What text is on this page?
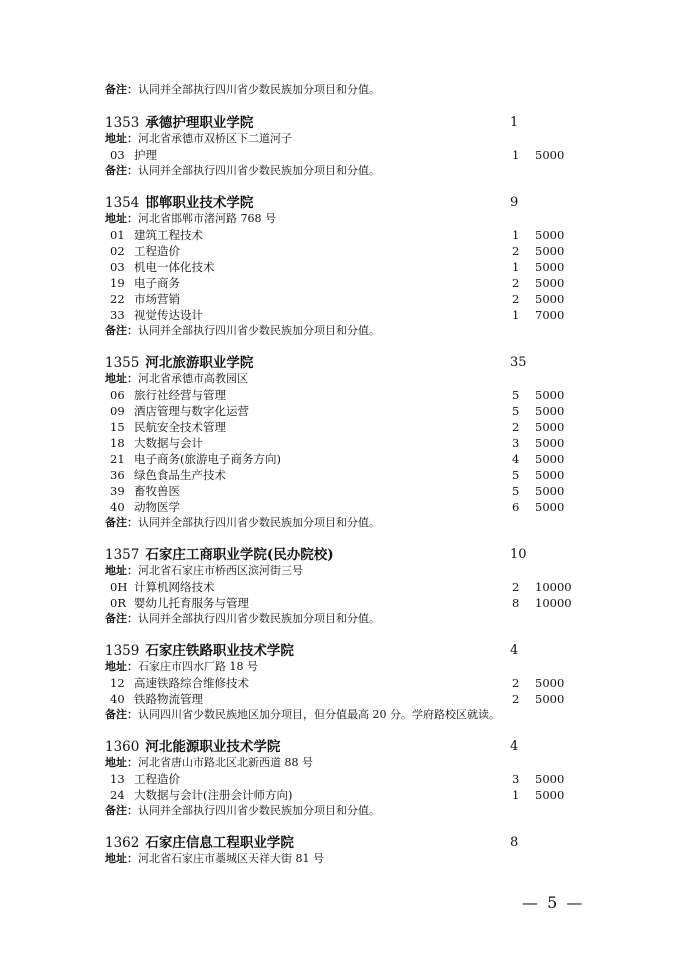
备注：认同并全部执行四川省少数民族加分项目和分值。
1353 承德护理职业学院	1
地址：河北省承德市双桥区下二道河子
03 护理	1 5000
备注：认同并全部执行四川省少数民族加分项目和分值。
1354 邯郸职业技术学院	9
地址：河北省邯郸市渚河路 768 号
01 建筑工程技术	1 5000
02 工程造价	2 5000
03 机电一体化技术	1 5000
19 电子商务	2 5000
22 市场营销	2 5000
33 视觉传达设计	1 7000
备注：认同并全部执行四川省少数民族加分项目和分值。
1355 河北旅游职业学院	35
地址：河北省承德市高教园区
06 旅行社经营与管理	5 5000
09 酒店管理与数字化运营	5 5000
15 民航安全技术管理	2 5000
18 大数据与会计	3 5000
21 电子商务(旅游电子商务方向)	4 5000
36 绿色食品生产技术	5 5000
39 畜牧兽医	5 5000
40 动物医学	6 5000
备注：认同并全部执行四川省少数民族加分项目和分值。
1357 石家庄工商职业学院(民办院校)	10
地址：河北省石家庄市桥西区滨河街三号
0H 计算机网络技术	2 10000
0R 婴幼儿托育服务与管理	8 10000
备注：认同并全部执行四川省少数民族加分项目和分值。
1359 石家庄铁路职业技术学院	4
地址：石家庄市四水厂路 18 号
12 高速铁路综合维修技术	2 5000
40 铁路物流管理	2 5000
备注：认同四川省少数民族地区加分项目，但分值最高 20 分。学府路校区就读。
1360 河北能源职业技术学院	4
地址：河北省唐山市路北区北新西道 88 号
13 工程造价	3 5000
24 大数据与会计(注册会计师方向)	1 5000
备注：认同并全部执行四川省少数民族加分项目和分值。
1362 石家庄信息工程职业学院	8
地址：河北省石家庄市藁城区天祥大街 81 号
— 5 —
